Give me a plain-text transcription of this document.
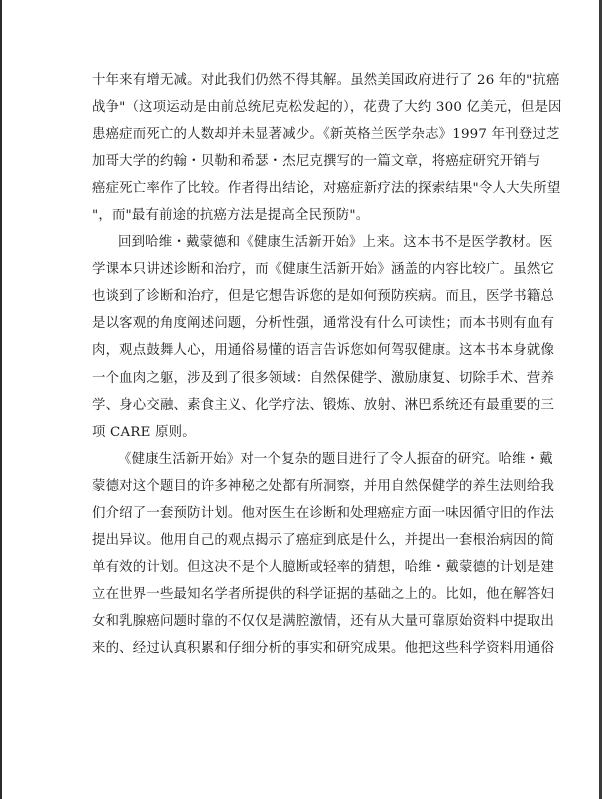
十年来有增无减。对此我们仍然不得其解。虽然美国政府进行了 26 年的"抗癌
战争"（这项运动是由前总统尼克松发起的），花费了大约 300 亿美元，但是因
患癌症而死亡的人数却并未显著减少。《新英格兰医学杂志》1997 年刊登过芝
加哥大学的约翰・贝勒和希瑟・杰尼克撰写的一篇文章，将癌症研究开销与
癌症死亡率作了比较。作者得出结论，对癌症新疗法的探索结果"令人大失所望
"，而"最有前途的抗癌方法是提高全民预防"。
回到哈维・戴蒙德和《健康生活新开始》上来。这本书不是医学教材。医
学课本只讲述诊断和治疗，而《健康生活新开始》涵盖的内容比较广。虽然它
也谈到了诊断和治疗，但是它想告诉您的是如何预防疾病。而且，医学书籍总
是以客观的角度阐述问题，分析性强，通常没有什么可读性；而本书则有血有
肉，观点鼓舞人心，用通俗易懂的语言告诉您如何驾驭健康。这本书本身就像
一个血肉之躯，涉及到了很多领域：自然保健学、激励康复、切除手术、营养
学、身心交融、素食主义、化学疗法、锻炼、放射、淋巴系统还有最重要的三
项 CARE 原则。
《健康生活新开始》对一个复杂的题目进行了令人振奋的研究。哈维・戴
蒙德对这个题目的许多神秘之处都有所洞察，并用自然保健学的养生法则给我
们介绍了一套预防计划。他对医生在诊断和处理癌症方面一味因循守旧的作法
提出异议。他用自己的观点揭示了癌症到底是什么，并提出一套根治病因的简
单有效的计划。但这决不是个人臆断或轻率的猜想，哈维・戴蒙德的计划是建
立在世界一些最知名学者所提供的科学证据的基础之上的。比如，他在解答妇
女和乳腺癌问题时靠的不仅仅是满腔激情，还有从大量可靠原始资料中提取出
来的、经过认真积累和仔细分析的事实和研究成果。他把这些科学资料用通俗
